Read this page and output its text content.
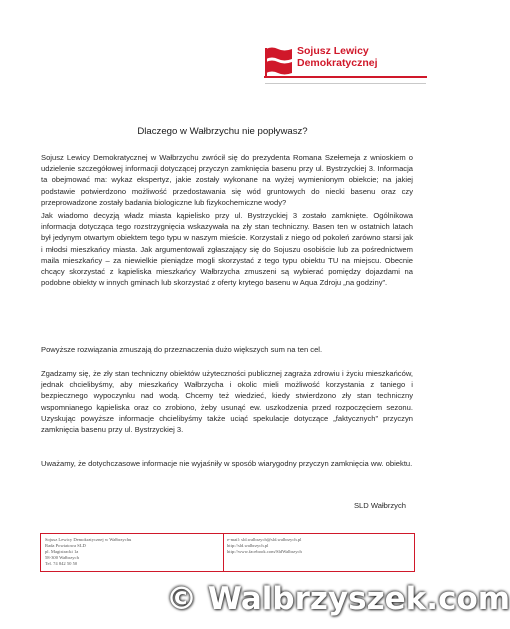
Sojusz Lewicy
Demokratycznej
Dlaczego w Wałbrzychu nie popływasz?

Sojusz Lewicy Demokratycznej w Wałbrzychu zwrócił się do prezydenta Romana Szełemeja z wnioskiem o udzielenie szczegółowej informacji dotyczącej przyczyn zamknięcia basenu przy ul. Bystrzyckiej 3. Informacja ta obejmować ma: wykaz ekspertyz, jakie zostały wykonane na wyżej wymienionym obiekcie; na jakiej podstawie potwierdzono możliwość przedostawania się wód gruntowych do niecki basenu oraz czy przeprowadzone zostały badania biologiczne lub fizykochemiczne wody?

Jak wiadomo decyzją władz miasta kąpielisko przy ul. Bystrzyckiej 3 zostało zamknięte. Ogólnikowa informacja dotycząca tego rozstrzygnięcia wskazywała na zły stan techniczny. Basen ten w ostatnich latach był jedynym otwartym obiektem tego typu w naszym mieście. Korzystali z niego od pokoleń zarówno starsi jak i młodsi mieszkańcy miasta. Jak argumentowali zgłaszający się do Sojuszu osobiście lub za pośrednictwem maila mieszkańcy – za niewielkie pieniądze mogli skorzystać z tego typu obiektu TU na miejscu. Obecnie chcący skorzystać z kąpieliska mieszkańcy Wałbrzycha zmuszeni są wybierać pomiędzy dojazdami na podobne obiekty w innych gminach lub skorzystać z oferty krytego basenu w Aqua Zdroju „na godziny”.

Powyższe rozwiązania zmuszają do przeznaczenia dużo większych sum na ten cel.

Zgadzamy się, że zły stan techniczny obiektów użyteczności publicznej zagraża zdrowiu i życiu mieszkańców, jednak chcielibyśmy, aby mieszkańcy Wałbrzycha i okolic mieli możliwość korzystania z taniego i bezpiecznego wypoczynku nad wodą. Chcemy też wiedzieć, kiedy stwierdzono zły stan techniczny wspomnianego kąpieliska oraz co zrobiono, żeby usunąć ew. uszkodzenia przed rozpoczęciem sezonu. Uzyskując powyższe informacje chcielibyśmy także uciąć spekulacje dotyczące „faktycznych” przyczyn zamknięcia basenu przy ul. Bystrzyckiej 3.

Uważamy, że dotychczasowe informacje nie wyjaśniły w sposób wiarygodny przyczyn zamknięcia ww. obiektu.

SLD Wałbrzych
Sojusz Lewicy Demokratycznej w Wałbrzychu
Rada Powiatowa SLD
pl. Magistracki 1a
58-300 Wałbrzych
Tel. 74 842 50 50
e-mail: sld.walbrzych@sld.walbrzych.pl
http://sld.walbrzych.pl
http://www.facebook.com/SldWalbrzych
© Walbrzyszek.com
